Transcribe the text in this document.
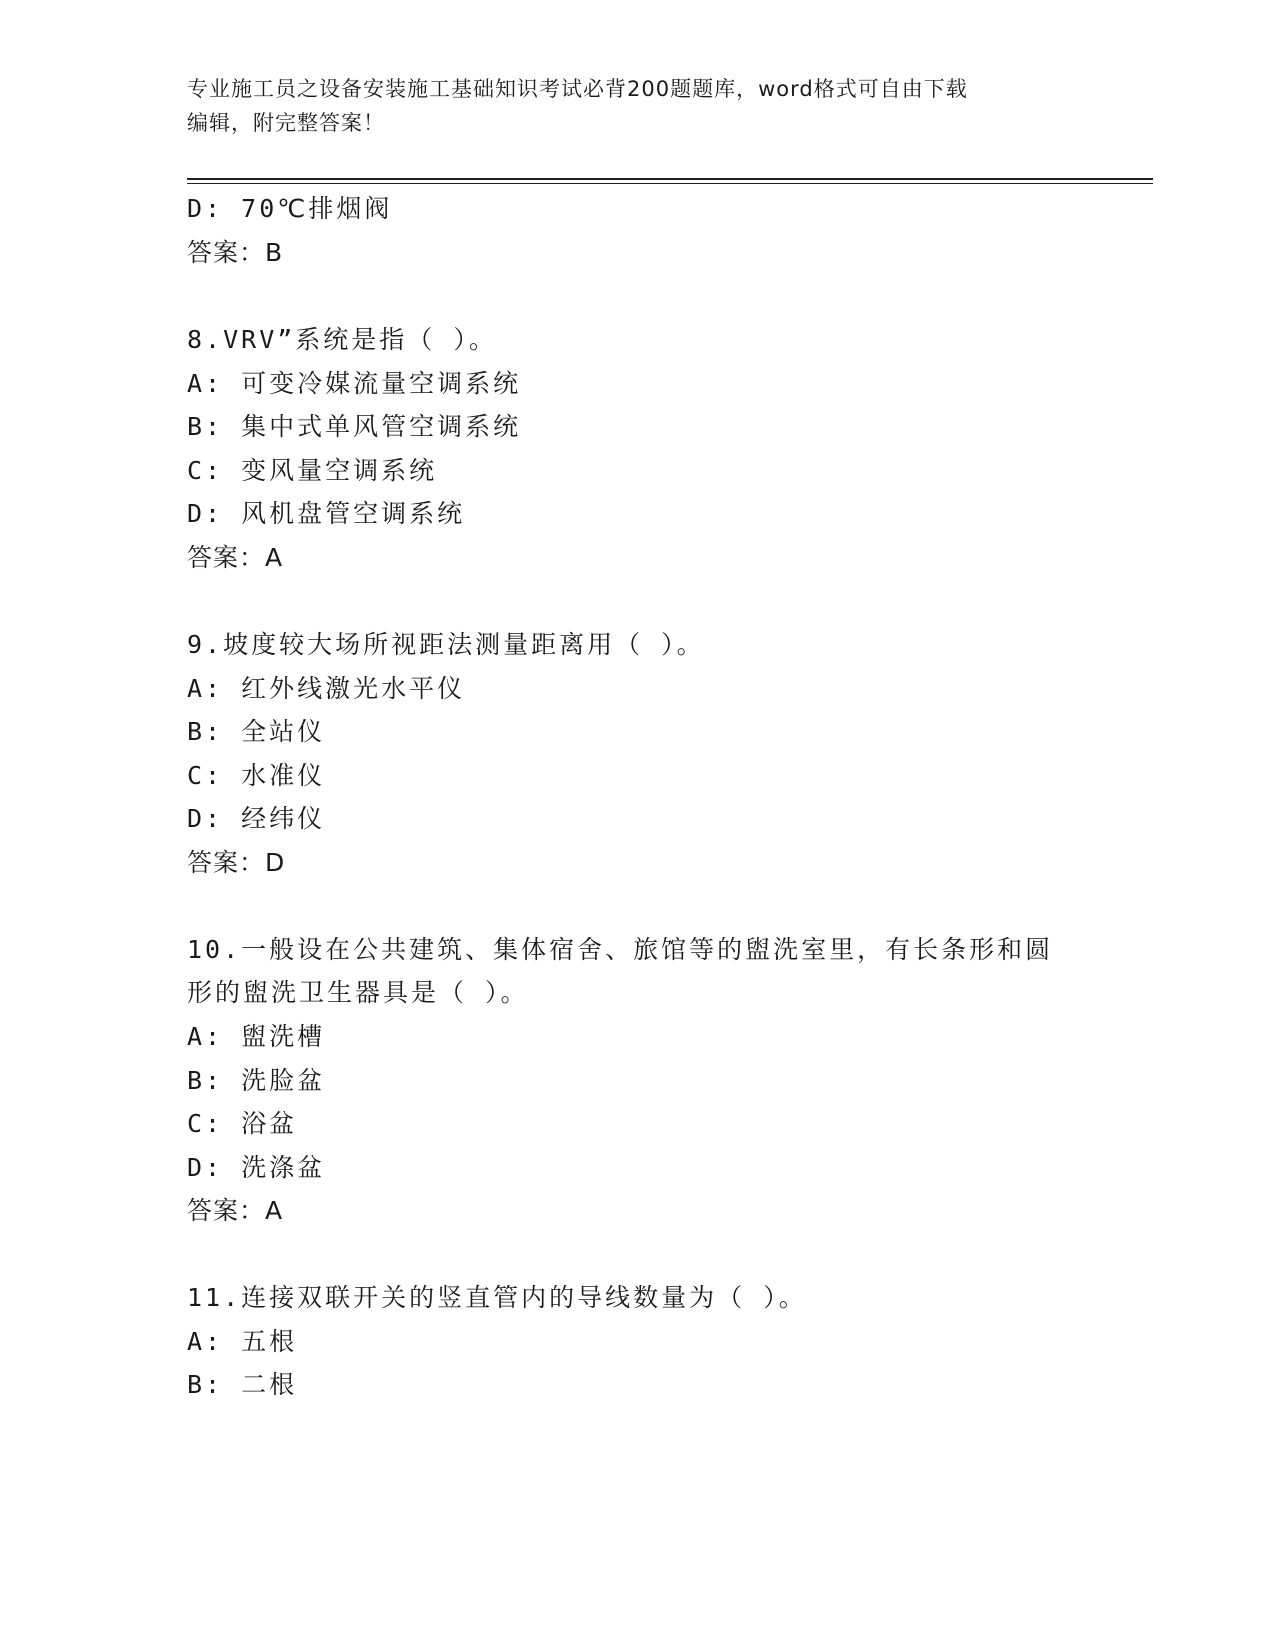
专业施工员之设备安装施工基础知识考试必背200题题库，word格式可自由下载
编辑，附完整答案！
D: 70℃排烟阀
答案：B
8.VRV”系统是指（ ）。
A: 可变冷媒流量空调系统
B: 集中式单风管空调系统
C: 变风量空调系统
D: 风机盘管空调系统
答案：A
9.坡度较大场所视距法测量距离用（ ）。
A: 红外线激光水平仪
B: 全站仪
C: 水准仪
D: 经纬仪
答案：D
10.一般设在公共建筑、集体宿舍、旅馆等的盥洗室里，有长条形和圆
形的盥洗卫生器具是（ ）。
A: 盥洗槽
B: 洗脸盆
C: 浴盆
D: 洗涤盆
答案：A
11.连接双联开关的竖直管内的导线数量为（ ）。
A: 五根
B: 二根
